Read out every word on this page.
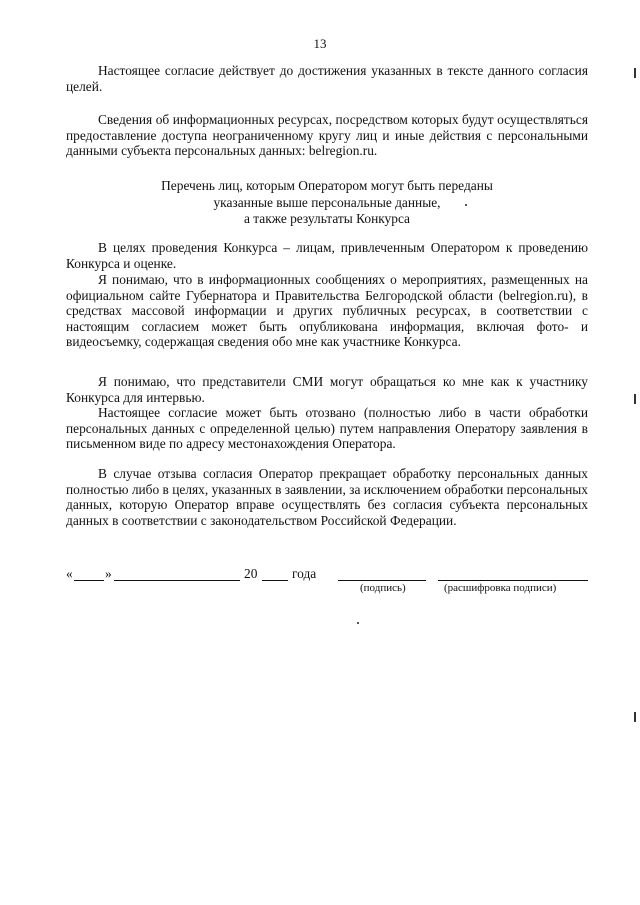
13
Настоящее согласие действует до достижения указанных в тексте данного согласия целей.
Сведения об информационных ресурсах, посредством которых будут осуществляться предоставление доступа неограниченному кругу лиц и иные действия с персональными данными субъекта персональных данных: belregion.ru.
Перечень лиц, которым Оператором могут быть переданы
указанные выше персональные данные,
а также результаты Конкурса
В целях проведения Конкурса – лицам, привлеченным Оператором к проведению Конкурса и оценке.
Я понимаю, что в информационных сообщениях о мероприятиях, размещенных на официальном сайте Губернатора и Правительства Белгородской области (belregion.ru), в средствах массовой информации и других публичных ресурсах, в соответствии с настоящим согласием может быть опубликована информация, включая фото- и видеосъемку, содержащая сведения обо мне как участнике Конкурса.
Я понимаю, что представители СМИ могут обращаться ко мне как к участнику Конкурса для интервью.
Настоящее согласие может быть отозвано (полностью либо в части обработки персональных данных с определенной целью) путем направления Оператору заявления в письменном виде по адресу местонахождения Оператора.
В случае отзыва согласия Оператор прекращает обработку персональных данных полностью либо в целях, указанных в заявлении, за исключением обработки персональных данных, которую Оператор вправе осуществлять без согласия субъекта персональных данных в соответствии с законодательством Российской Федерации.
« »	20	года
(подпись)	(расшифровка подписи)
